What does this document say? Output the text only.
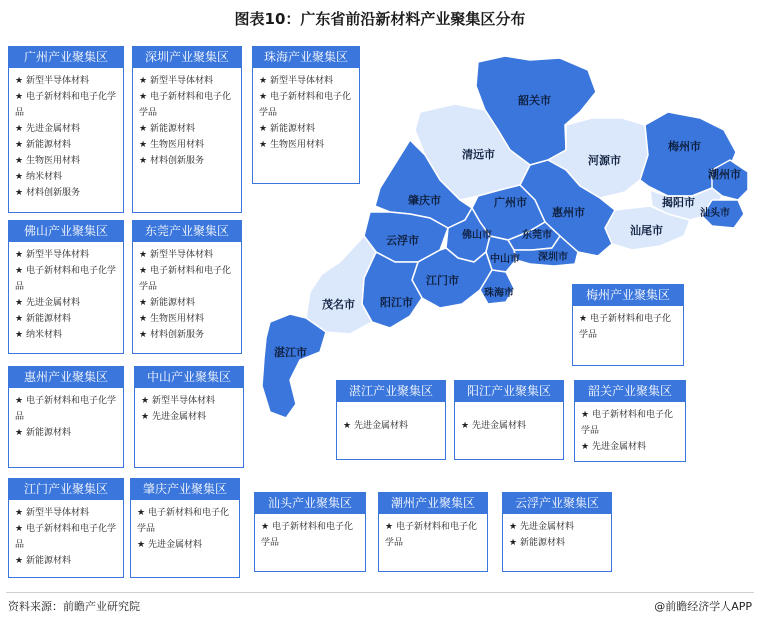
图表10：广东省前沿新材料产业聚集区分布
韶关市
清远市	河源市
梅州市
潮州市
揭阳市
汕头市
汕尾市
惠州市
广州市
肇庆市
云浮市	佛山市	东莞市
深圳市
中山市
江门市
珠海市
阳江市
茂名市
湛江市
广州产业聚集区
★ 新型半导体材料
★ 电子新材料和电子化学品
★ 先进金属材料
★ 新能源材料
★ 生物医用材料
★ 纳米材料
★ 材料创新服务
深圳产业聚集区
★ 新型半导体材料
★ 电子新材料和电子化学品
★ 新能源材料
★ 生物医用材料
★ 材料创新服务
珠海产业聚集区
★ 新型半导体材料
★ 电子新材料和电子化学品
★ 新能源材料
★ 生物医用材料
佛山产业聚集区
★ 新型半导体材料
★ 电子新材料和电子化学品
★ 先进金属材料
★ 新能源材料
★ 纳米材料
东莞产业聚集区
★ 新型半导体材料
★ 电子新材料和电子化学品
★ 新能源材料
★ 生物医用材料
★ 材料创新服务
梅州产业聚集区
★ 电子新材料和电子化学品
惠州产业聚集区
★ 电子新材料和电子化学品
★ 新能源材料
中山产业聚集区
★ 新型半导体材料
★ 先进金属材料
湛江产业聚集区
★ 先进金属材料
阳江产业聚集区
★ 先进金属材料
韶关产业聚集区
★ 电子新材料和电子化学品
★ 先进金属材料
江门产业聚集区
★ 新型半导体材料
★ 电子新材料和电子化学品
★ 新能源材料
肇庆产业聚集区
★ 电子新材料和电子化学品
★ 先进金属材料
汕头产业聚集区
★ 电子新材料和电子化学品
潮州产业聚集区
★ 电子新材料和电子化学品
云浮产业聚集区
★ 先进金属材料
★ 新能源材料
资料来源：前瞻产业研究院	@前瞻经济学人APP
